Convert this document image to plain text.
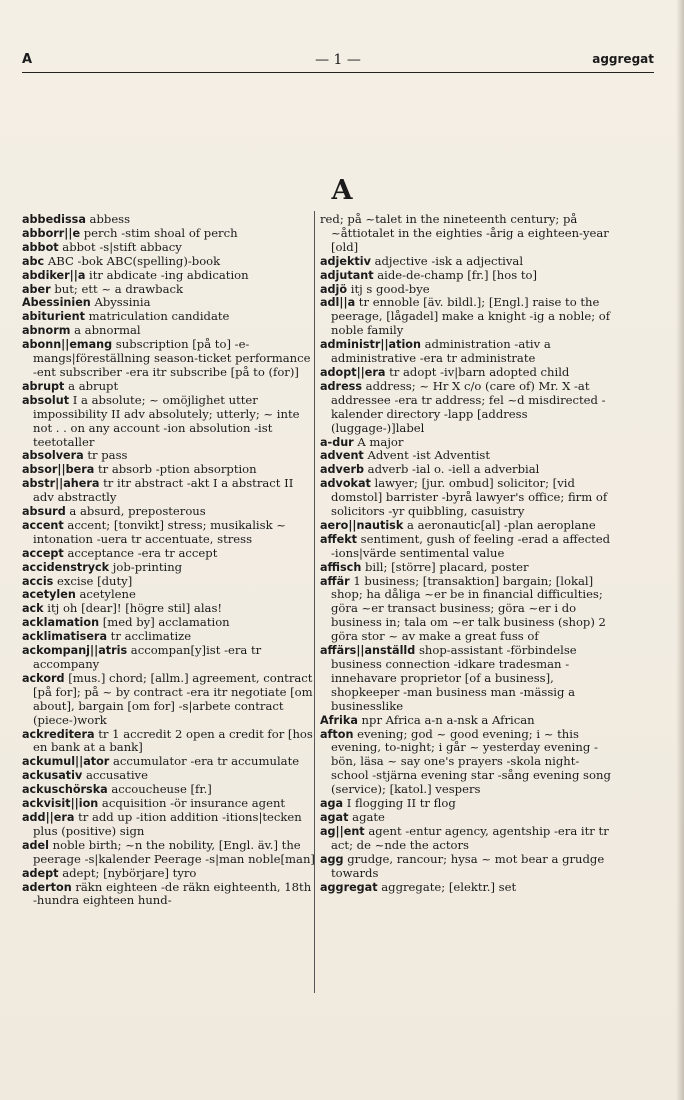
A	— 1 —	aggregat
A

abbedissa abbess

abborr||e perch -stim shoal of perch

abbot abbot -s|stift abbacy

abc ABC -bok ABC(spelling)-book

abdiker||a itr abdicate -ing abdication

aber but; ett ~ a drawback

Abessinien Abyssinia

abiturient matriculation candidate

abnorm a abnormal

abonn||emang subscription [på to] -e-mangs|föreställning season-ticket performance -ent subscriber -era itr subscribe [på to (for)]

abrupt a abrupt

absolut I a absolute; ~ omöjlighet utter impossibility II adv absolutely; utterly; ~ inte not . . on any account -ion absolution -ist teetotaller

absolvera tr pass

absor||bera tr absorb -ption absorption

abstr||ahera tr itr abstract -akt I a abstract II adv abstractly

absurd a absurd, preposterous

accent accent; [tonvikt] stress; musikalisk ~ intonation -uera tr accentuate, stress

accept acceptance -era tr accept

accidenstryck job-printing

accis excise [duty]

acetylen acetylene

ack itj oh [dear]! [högre stil] alas!

acklamation [med by] acclamation

acklimatisera tr acclimatize

ackompanj||atris accompan[y]ist -era tr accompany

ackord [mus.] chord; [allm.] agreement, contract [på for]; på ~ by contract -era itr negotiate [om about], bargain [om for] -s|arbete contract (piece-)work

ackreditera tr 1 accredit 2 open a credit for [hos en bank at a bank]

ackumul||ator accumulator -era tr accumulate

ackusativ accusative

ackuschörska accoucheuse [fr.]

ackvisit||ion acquisition -ör insurance agent

add||era tr add up -ition addition -itions|tecken plus (positive) sign

adel noble birth; ~n the nobility, [Engl. äv.] the peerage -s|kalender Peerage -s|man noble[man]

adept adept; [nybörjare] tyro

aderton räkn eighteen -de räkn eighteenth, 18th -hundra eighteen hund-

red; på ~talet in the nineteenth century; på ~åttiotalet in the eighties -årig a eighteen-year [old]

adjektiv adjective -isk a adjectival

adjutant aide-de-champ [fr.] [hos to]

adjö itj s good-bye

adl||a tr ennoble [äv. bildl.]; [Engl.] raise to the peerage, [lågadel] make a knight -ig a noble; of noble family

administr||ation administration -ativ a administrative -era tr administrate

adopt||era tr adopt -iv|barn adopted child

adress address; ~ Hr X c/o (care of) Mr. X -at addressee -era tr address; fel ~d misdirected -kalender directory -lapp [address (luggage-)]label

a-dur A major

advent Advent -ist Adventist

adverb adverb -ial o. -iell a adverbial

advokat lawyer; [jur. ombud] solicitor; [vid domstol] barrister -byrå lawyer's office; firm of solicitors -yr quibbling, casuistry

aero||nautisk a aeronautic[al] -plan aeroplane

affekt sentiment, gush of feeling -erad a affected -ions|värde sentimental value

affisch bill; [större] placard, poster

affär 1 business; [transaktion] bargain; [lokal] shop; ha dåliga ~er be in financial difficulties; göra ~er transact business; göra ~er i do business in; tala om ~er talk business (shop) 2 göra stor ~ av make a great fuss of

affärs||anställd shop-assistant -förbindelse business connection -idkare tradesman -innehavare proprietor [of a business], shopkeeper -man business man -mässig a businesslike

Afrika npr Africa a-n a-nsk a African

afton evening; god ~ good evening; i ~ this evening, to-night; i går ~ yesterday evening -bön, läsa ~ say one's prayers -skola night-school -stjärna evening star -sång evening song (service); [katol.] vespers

aga I flogging II tr flog

agat agate

ag||ent agent -entur agency, agentship -era itr tr act; de ~nde the actors

agg grudge, rancour; hysa ~ mot bear a grudge towards

aggregat aggregate; [elektr.] set
